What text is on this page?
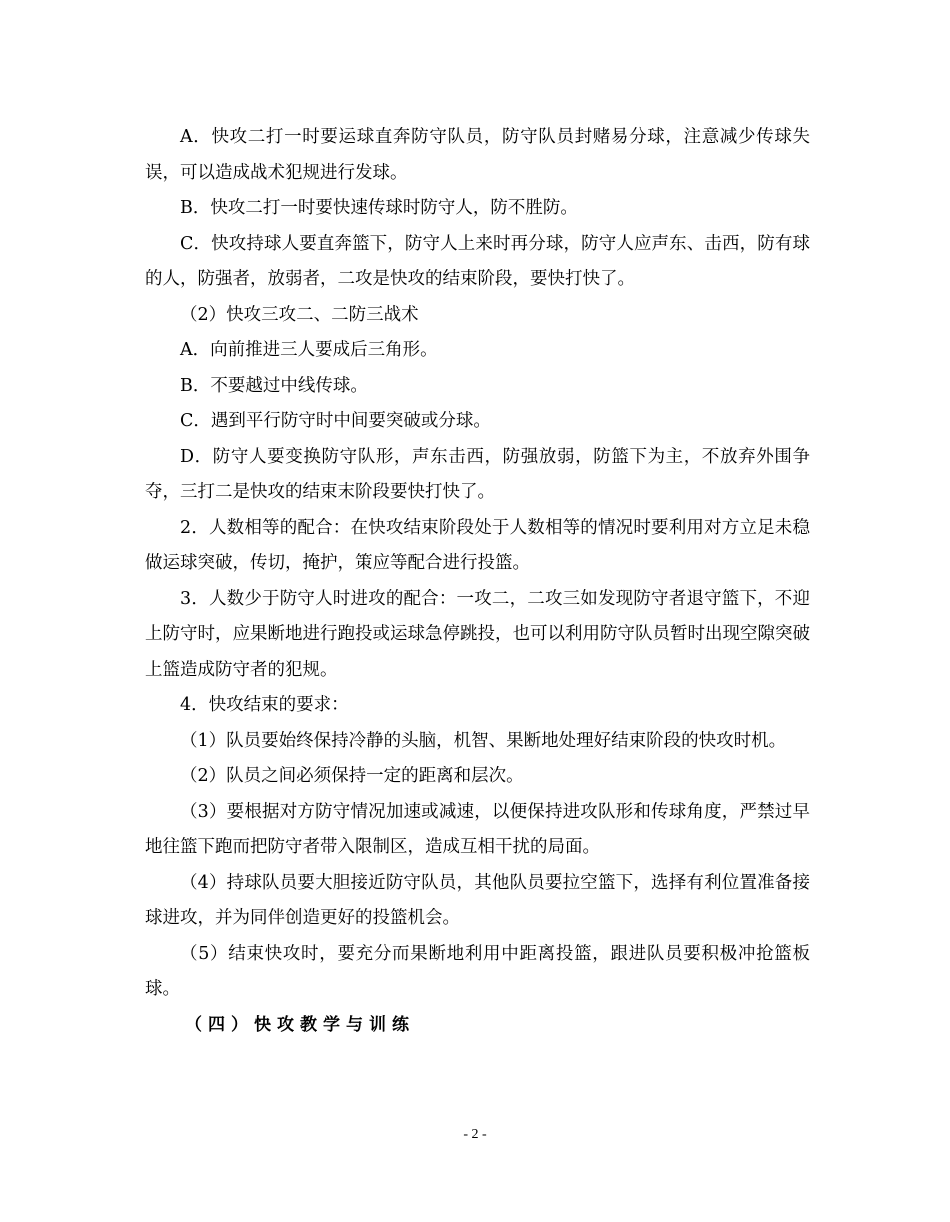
A．快攻二打一时要运球直奔防守队员，防守队员封赌易分球，注意减少传球失误，可以造成战术犯规进行发球。

B．快攻二打一时要快速传球时防守人，防不胜防。

C．快攻持球人要直奔篮下，防守人上来时再分球，防守人应声东、击西，防有球的人，防强者，放弱者，二攻是快攻的结束阶段，要快打快了。

（2）快攻三攻二、二防三战术

A．向前推进三人要成后三角形。

B．不要越过中线传球。

C．遇到平行防守时中间要突破或分球。

D．防守人要变换防守队形，声东击西，防强放弱，防篮下为主，不放弃外围争夺，三打二是快攻的结束末阶段要快打快了。

2．人数相等的配合：在快攻结束阶段处于人数相等的情况时要利用对方立足未稳做运球突破，传切，掩护，策应等配合进行投篮。

3．人数少于防守人时进攻的配合：一攻二，二攻三如发现防守者退守篮下，不迎上防守时，应果断地进行跑投或运球急停跳投，也可以利用防守队员暂时出现空隙突破上篮造成防守者的犯规。

4．快攻结束的要求：

（1）队员要始终保持冷静的头脑，机智、果断地处理好结束阶段的快攻时机。

（2）队员之间必须保持一定的距离和层次。

（3）要根据对方防守情况加速或减速，以便保持进攻队形和传球角度，严禁过早地往篮下跑而把防守者带入限制区，造成互相干扰的局面。

（4）持球队员要大胆接近防守队员，其他队员要拉空篮下，选择有利位置准备接球进攻，并为同伴创造更好的投篮机会。

（5）结束快攻时，要充分而果断地利用中距离投篮，跟进队员要积极冲抢篮板球。

（四）快攻教学与训练

- 2 -
